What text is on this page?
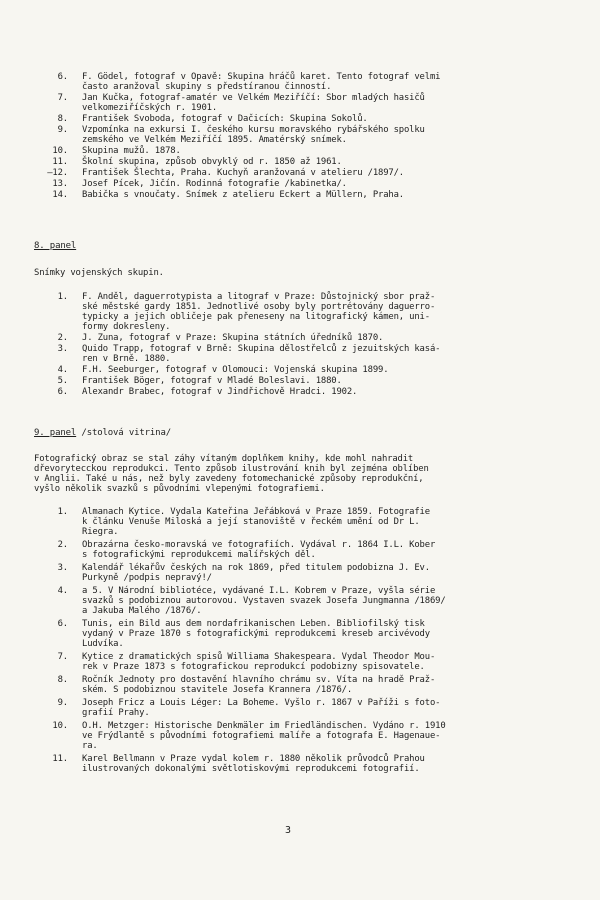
6. F. Gödel, fotograf v Opavě: Skupina hráčů karet. Tento fotograf velmi
často aranžoval skupiny s předstíranou činností.
7. Jan Kučka, fotograf-amatér ve Velkém Meziříčí: Sbor mladých hasičů
velkomeziříčských r. 1901.
8. František Svoboda, fotograf v Dačicích: Skupina Sokolů.
9. Vzpomínka na exkursi I. českého kursu moravského rybářského spolku
zemského ve Velkém Meziříčí 1895. Amatérský snímek.
10. Skupina mužů. 1878.
11. Školní skupina, způsob obvyklý od r. 1850 až 1961.
—12. František Šlechta, Praha. Kuchyň aranžovaná v atelieru /1897/.
13. Josef Pícek, Jičín. Rodinná fotografie /kabinetka/.
14. Babička s vnoučaty. Snímek z atelieru Eckert a Müllern, Praha.
8. panel
Snímky vojenských skupin.
1. F. Anděl, daguerrotypista a litograf v Praze: Důstojnický sbor praž-
ské městské gardy 1851. Jednotlivé osoby byly portrétovány daguerro-
typicky a jejich obličeje pak přeneseny na litografický kámen, uni-
formy dokresleny.
2. J. Zuna, fotograf v Praze: Skupina státních úředníků 1870.
3. Quido Trapp, fotograf v Brně: Skupina dělostřelců z jezuitských kasá-
ren v Brně. 1880.
4. F.H. Seeburger, fotograf v Olomouci: Vojenská skupina 1899.
5. František Böger, fotograf v Mladé Boleslavi. 1880.
6. Alexandr Brabec, fotograf v Jindřichově Hradci. 1902.
9. panel /stolová vitrina/
Fotografický obraz se stal záhy vítaným doplňkem knihy, kde mohl nahradit
dřevorytecckou reprodukci. Tento způsob ilustrování knih byl zejména oblíben
v Anglii. Také u nás, než byly zavedeny fotomechanické způsoby reprodukční,
vyšlo několik svazků s původními vlepenými fotografiemi.
1. Almanach Kytice. Vydala Kateřina Jeřábková v Praze 1859. Fotografie
k článku Venuše Miloská a její stanoviště v řeckém umění od Dr L.
Riegra.
2. Obrazárna česko-moravská ve fotografiích. Vydával r. 1864 I.L. Kober
s fotografickými reprodukcemi malířských děl.
3. Kalendář lékařův českých na rok 1869, před titulem podobizna J. Ev.
Purkyně /podpis nepravý!/
4. a 5. V Národní bibliotéce, vydávané I.L. Kobrem v Praze, vyšla série
svazků s podobiznou autorovou. Vystaven svazek Josefa Jungmanna /1869/
a Jakuba Malého /1876/.
6. Tunis, ein Bild aus dem nordafrikanischen Leben. Bibliofilský tisk
vydaný v Praze 1870 s fotografickými reprodukcemi kreseb arcivévody
Ludvíka.
7. Kytice z dramatických spisů Williama Shakespeara. Vydal Theodor Mou-
rek v Praze 1873 s fotografickou reprodukcí podobizny spisovatele.
8. Ročník Jednoty pro dostavění hlavního chrámu sv. Víta na hradě Praž-
ském. S podobiznou stavitele Josefa Krannera /1876/.
9. Joseph Fricz a Louis Léger: La Boheme. Vyšlo r. 1867 v Paříži s foto-
grafií Prahy.
10. O.H. Metzger: Historische Denkmäler im Friedländischen. Vydáno r. 1910
ve Frýdlantě s původními fotografiemi malíře a fotografa E. Hagenaue-
ra.
11. Karel Bellmann v Praze vydal kolem r. 1880 několik průvodců Prahou
ilustrovaných dokonalými světlotiskovými reprodukcemi fotografií.
3
